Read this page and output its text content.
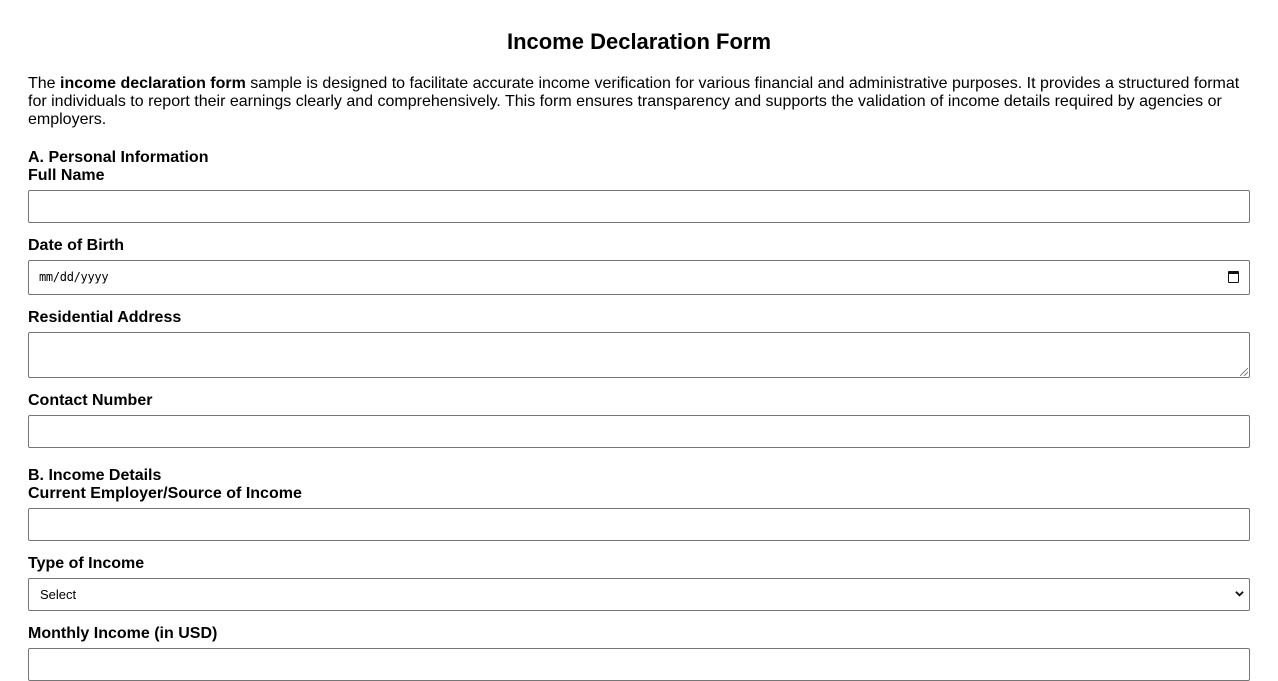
Income Declaration Form

The income declaration form sample is designed to facilitate accurate income verification for various financial and administrative purposes. It provides a structured format for individuals to report their earnings clearly and comprehensively. This form ensures transparency and supports the validation of income details required by agencies or employers.

A. Personal Information
Full Name
Date of Birth
mm/dd/yyyy
Residential Address
Contact Number
B. Income Details
Current Employer/Source of Income
Type of Income
Select
Monthly Income (in USD)
